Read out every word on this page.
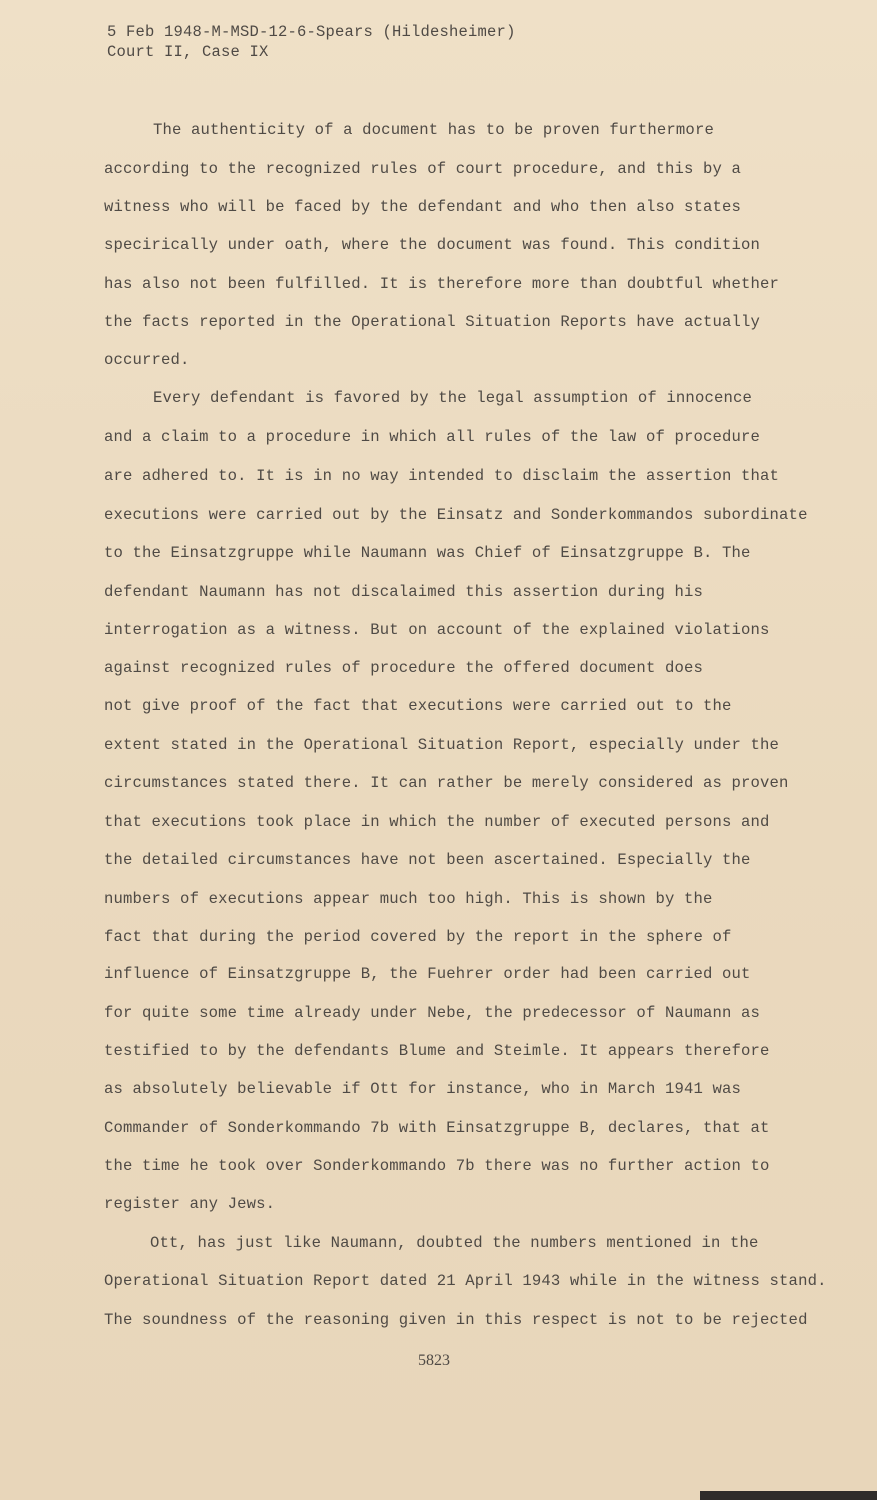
5 Feb 1948-M-MSD-12-6-Spears (Hildesheimer)
Court II, Case IX
The authenticity of a document has to be proven furthermore
according to the recognized rules of court procedure, and this by a
witness who will be faced by the defendant and who then also states
specirically under oath, where the document was found. This condition
has also not been fulfilled. It is therefore more than doubtful whether
the facts reported in the Operational Situation Reports have actually
occurred.
Every defendant is favored by the legal assumption of innocence
and a claim to a procedure in which all rules of the law of procedure
are adhered to. It is in no way intended to disclaim the assertion that
executions were carried out by the Einsatz and Sonderkommandos subordinate
to the Einsatzgruppe while Naumann was Chief of Einsatzgruppe B. The
defendant Naumann has not discalaimed this assertion during his
interrogation as a witness. But on account of the explained violations
against recognized rules of procedure the offered document does
not give proof of the fact that executions were carried out to the
extent stated in the Operational Situation Report, especially under the
circumstances stated there. It can rather be merely considered as proven
that executions took place in which the number of executed persons and
the detailed circumstances have not been ascertained. Especially the
numbers of executions appear much too high. This is shown by the
fact that during the period covered by the report in the sphere of
influence of Einsatzgruppe B, the Fuehrer order had been carried out
for quite some time already under Nebe, the predecessor of Naumann as
testified to by the defendants Blume and Steimle. It appears therefore
as absolutely believable if Ott for instance, who in March 1941 was
Commander of Sonderkommando 7b with Einsatzgruppe B, declares, that at
the time he took over Sonderkommando 7b there was no further action to
register any Jews.
Ott, has just like Naumann, doubted the numbers mentioned in the
Operational Situation Report dated 21 April 1943 while in the witness stand.
The soundness of the reasoning given in this respect is not to be rejected
5823
